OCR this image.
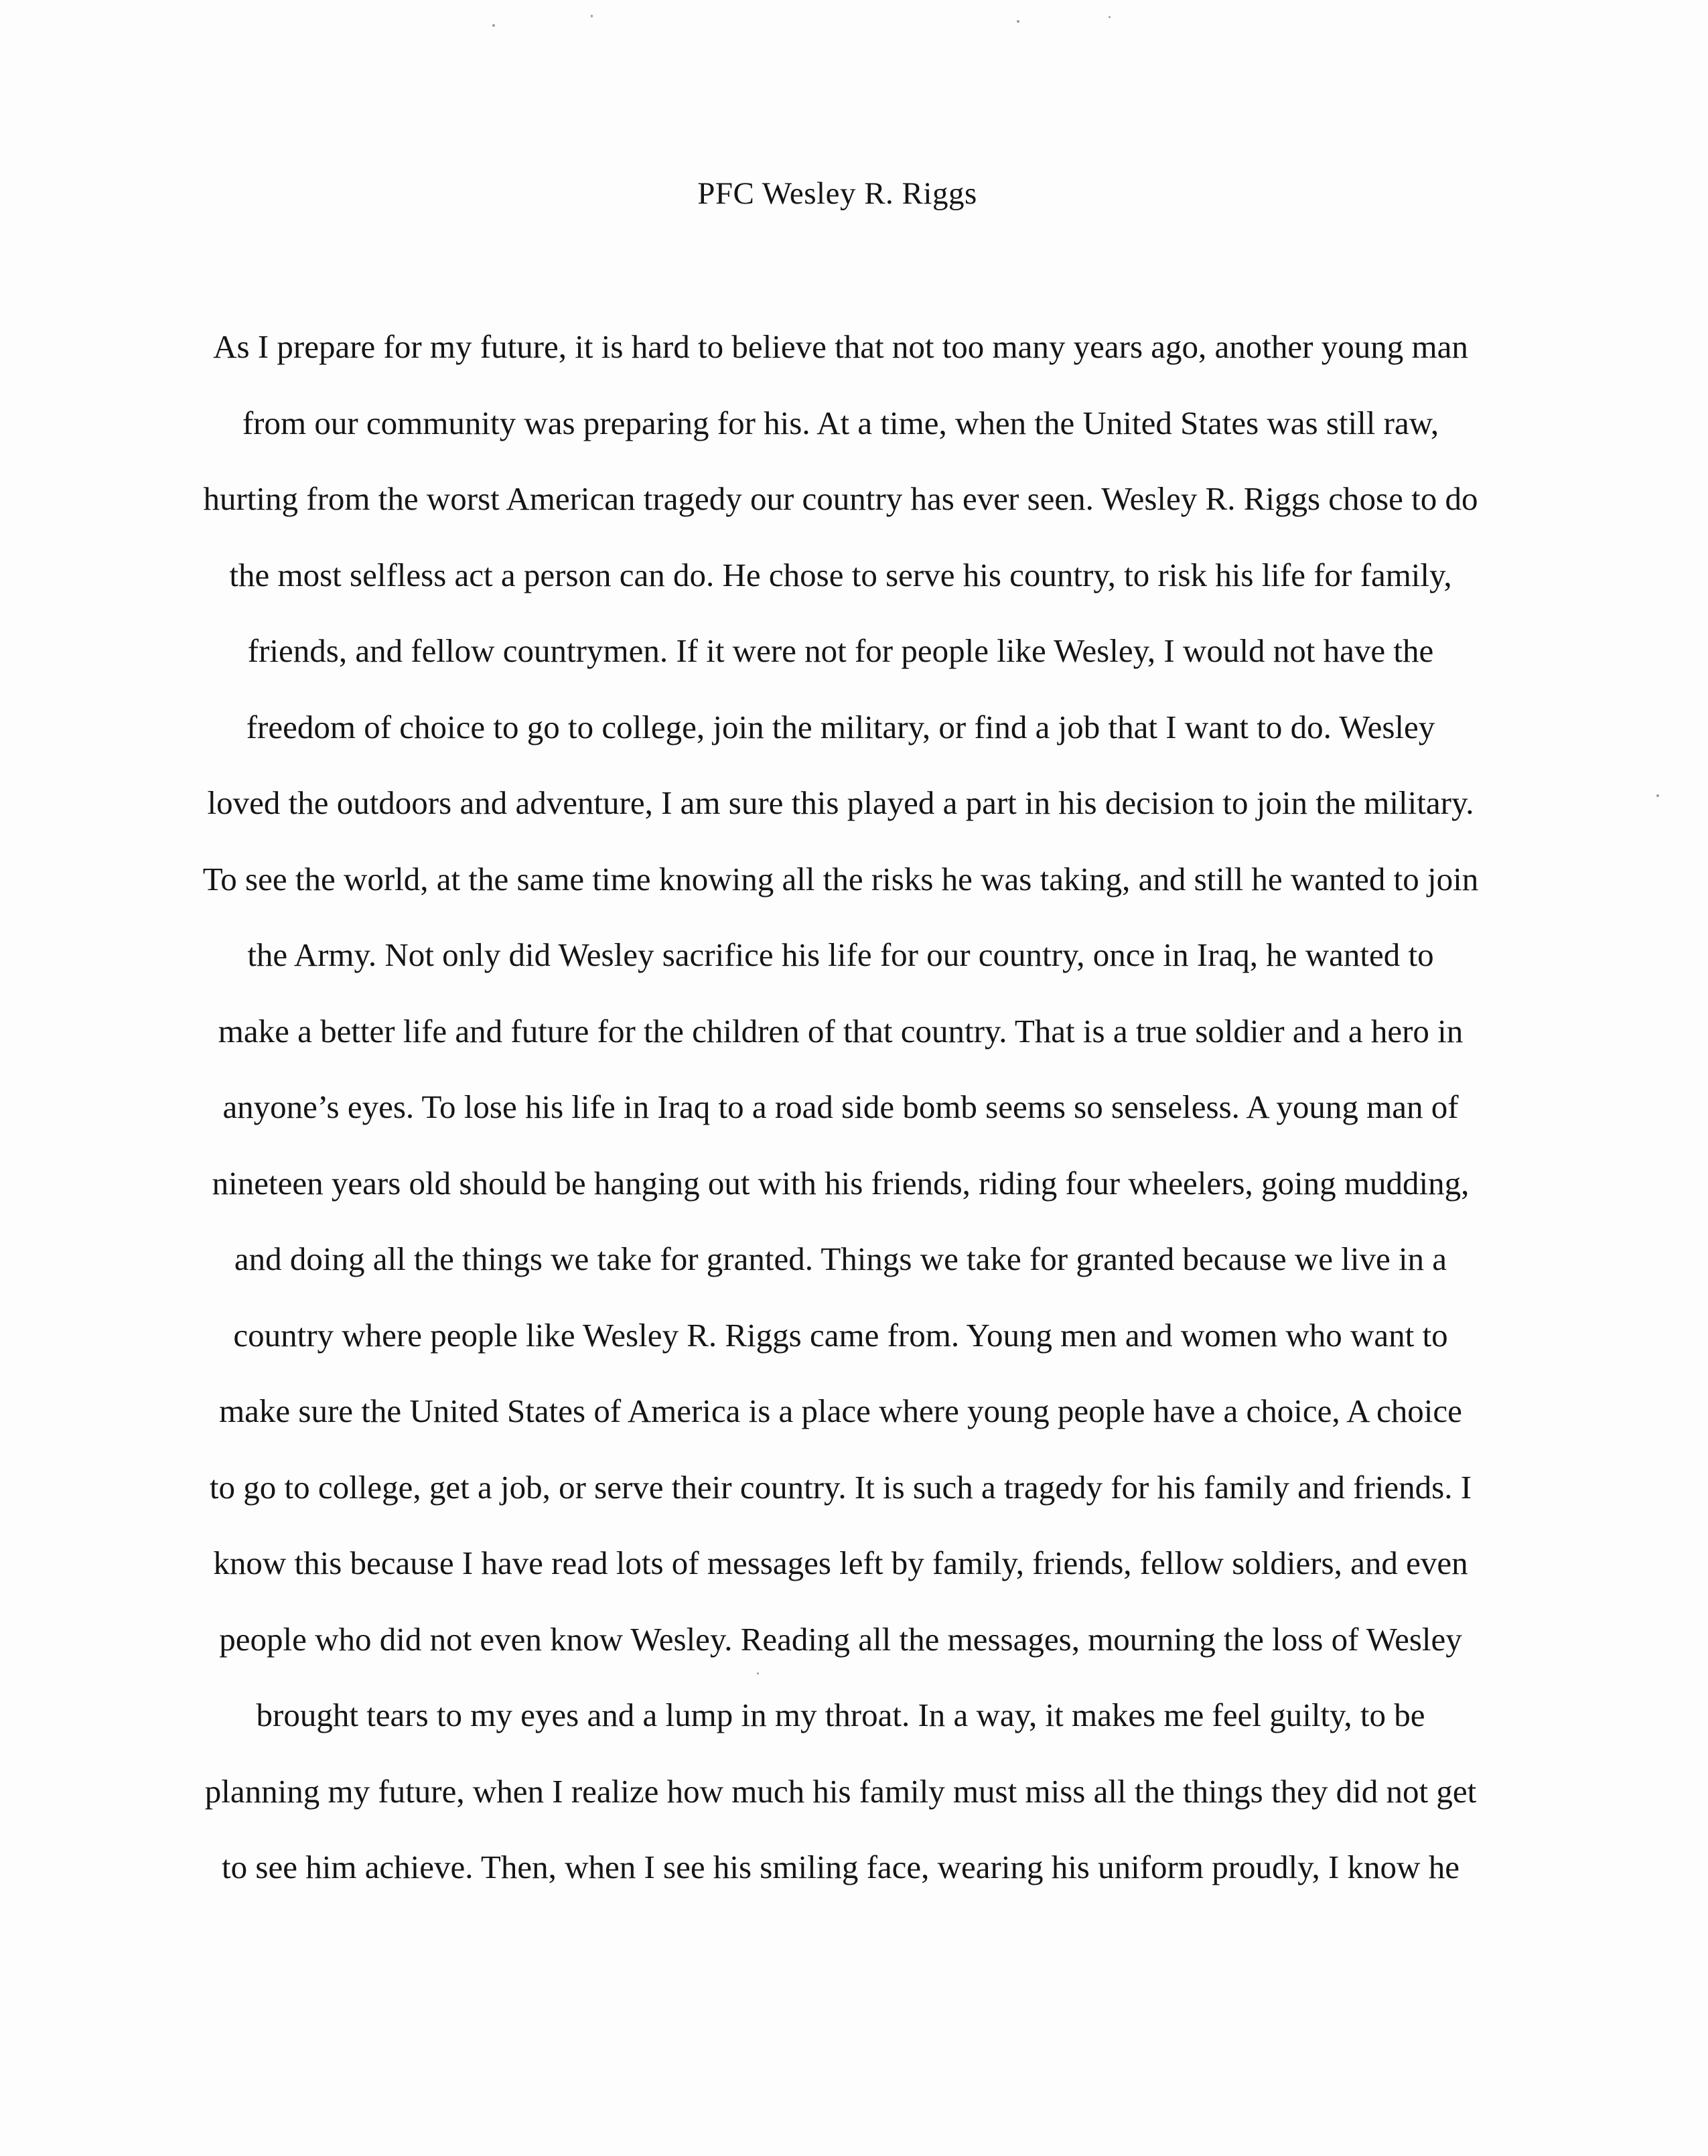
PFC Wesley R. Riggs
As I prepare for my future, it is hard to believe that not too many years ago, another young man
from our community was preparing for his. At a time, when the United States was still raw,
hurting from the worst American tragedy our country has ever seen. Wesley R. Riggs chose to do
the most selfless act a person can do. He chose to serve his country, to risk his life for family,
friends, and fellow countrymen. If it were not for people like Wesley, I would not have the
freedom of choice to go to college, join the military, or find a job that I want to do. Wesley
loved the outdoors and adventure, I am sure this played a part in his decision to join the military.
To see the world, at the same time knowing all the risks he was taking, and still he wanted to join
the Army. Not only did Wesley sacrifice his life for our country, once in Iraq, he wanted to
make a better life and future for the children of that country. That is a true soldier and a hero in
anyone’s eyes. To lose his life in Iraq to a road side bomb seems so senseless. A young man of
nineteen years old should be hanging out with his friends, riding four wheelers, going mudding,
and doing all the things we take for granted. Things we take for granted because we live in a
country where people like Wesley R. Riggs came from. Young men and women who want to
make sure the United States of America is a place where young people have a choice, A choice
to go to college, get a job, or serve their country. It is such a tragedy for his family and friends. I
know this because I have read lots of messages left by family, friends, fellow soldiers, and even
people who did not even know Wesley. Reading all the messages, mourning the loss of Wesley
brought tears to my eyes and a lump in my throat. In a way, it makes me feel guilty, to be
planning my future, when I realize how much his family must miss all the things they did not get
to see him achieve. Then, when I see his smiling face, wearing his uniform proudly, I know he
